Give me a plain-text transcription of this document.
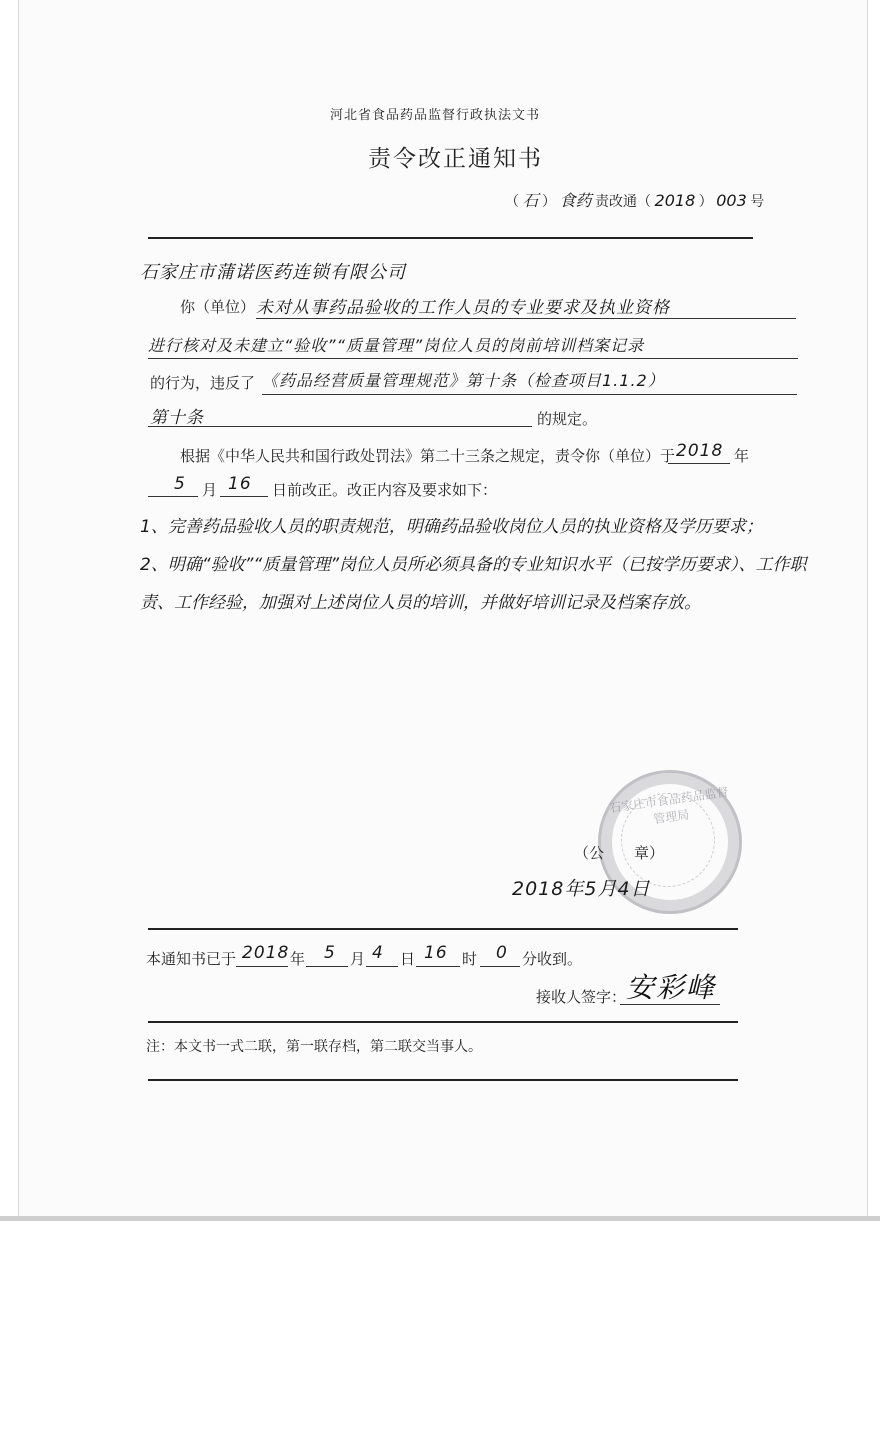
河北省食品药品监督行政执法文书
责令改正通知书
（ 石 ） 食药 责改通（ 2018 ） 003 号
石家庄市蒲诺医药连锁有限公司
你（单位） 未对从事药品验收的工作人员的专业要求及执业资格
进行核对及未建立“验收”“质量管理”岗位人员的岗前培训档案记录
的行为，违反了 《药品经营质量管理规范》第十条（检查项目1.1.2）
第十条	的规定。
根据《中华人民共和国行政处罚法》第二十三条之规定，责令你（单位）于 2018 年
5 月 16 日前改正。改正内容及要求如下：
1、完善药品验收人员的职责规范，明确药品验收岗位人员的执业资格及学历要求；
2、明确“验收”“质量管理”岗位人员所必须具备的专业知识水平（已按学历要求）、工作职责、工作经验，加强对上述岗位人员的培训，并做好培训记录及档案存放。
石家庄市食品药品监督管理局
（公　　章）
2018年5月4日
本通知书已于 2018 年 5 月 4 日 16 时 0 分收到。
接收人签字： 安彩峰
注：本文书一式二联，第一联存档，第二联交当事人。
